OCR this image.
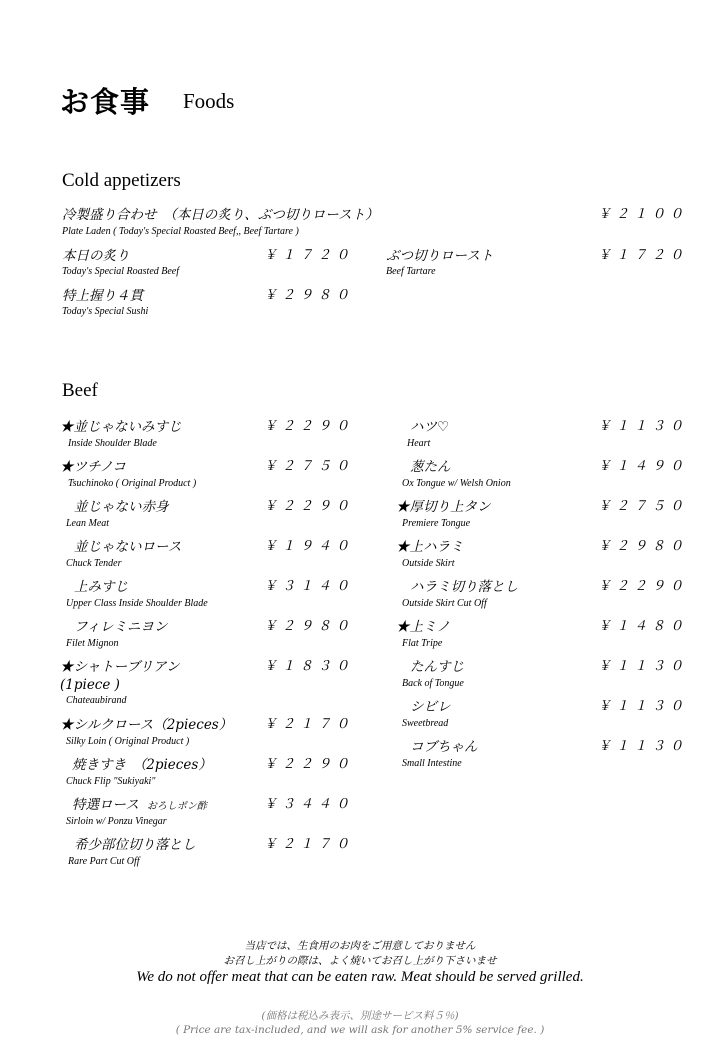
お食事 Foods
Cold appetizers
冷製盛り合わせ　（本日の炙り、ぶつ切りロースト）
Plate Laden ( Today's Special Roasted Beef,, Beef Tartare )
￥２１００
本日の炙り
Today's Special Roasted Beef
￥１７２０ ぶつ切りロースト
Beef Tartare
￥１７２０
特上握り４貫
Today's Special Sushi
￥２９８０
Beef
★並じゃないみすじ
Inside Shoulder Blade
￥２２９０
★ツチノコ
Tsuchinoko ( Original Product )
￥２７５０
並じゃない赤身
Lean Meat
￥２２９０
並じゃないロース
Chuck Tender
￥１９４０
上みすじ
Upper Class Inside Shoulder Blade
￥３１４０
フィレミニヨン
Filet Mignon
￥２９８０
★シャトーブリアン
(1piece )
Chateaubirand
￥１８３０
★シルクロース（2pieces）
Silky Loin ( Original Product )
￥２１７０
焼きすき　（2pieces）
Chuck Flip "Sukiyaki"
￥２２９０
特選ロース おろしポン酢
Sirloin w/ Ponzu Vinegar
￥３４４０
希少部位切り落とし
Rare Part Cut Off
￥２１７０
ハツ♡
Heart
￥１１３０
葱たん
Ox Tongue w/ Welsh Onion
￥１４９０
★厚切り上タン
Premiere Tongue
￥２７５０
★上ハラミ
Outside Skirt
￥２９８０
ハラミ切り落とし
Outside Skirt Cut Off
￥２２９０
★上ミノ
Flat Tripe
￥１４８０
たんすじ
Back of Tongue
￥１１３０
シビレ
Sweetbread
￥１１３０
コブちゃん
Small Intestine
￥１１３０
当店では、生食用のお肉をご用意しておりません
お召し上がりの際は、よく焼いてお召し上がり下さいませ
We do not offer meat that can be eaten raw. Meat should be served grilled.
(価格は税込み表示、別途サービス料５％)
( Price are tax-included, and we will ask for another 5% service fee. )
